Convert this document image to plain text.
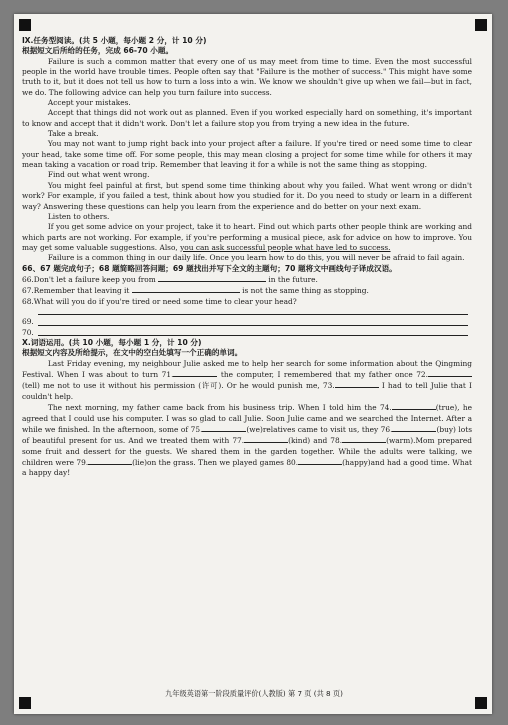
Ⅸ.任务型阅读。(共 5 小题，每小题 2 分，计 10 分)

根据短文后所给的任务，完成 66-70 小题。

Failure is such a common matter that every one of us may meet from time to time. Even the most successful people in the world have trouble times. People often say that "Failure is the mother of success." This might have some truth to it, but it does not tell us how to turn a loss into a win. We know we shouldn't give up when we fail—but in fact, we do. The following advice can help you turn failure into success.

Accept your mistakes.

Accept that things did not work out as planned. Even if you worked especially hard on something, it's important to know and accept that it didn't work. Don't let a failure stop you from trying a new idea in the future.

Take a break.

You may not want to jump right back into your project after a failure. If you're tired or need some time to clear your head, take some time off. For some people, this may mean closing a project for some time while for others it may mean taking a vacation or road trip. Remember that leaving it for a while is not the same thing as stopping.

Find out what went wrong.

You might feel painful at first, but spend some time thinking about why you failed. What went wrong or didn't work? For example, if you failed a test, think about how you studied for it. Do you need to study or learn in a different way? Answering these questions can help you learn from the experience and do better on your next exam.

Listen to others.

If you get some advice on your project, take it to heart. Find out which parts other people think are working and which parts are not working. For example, if you're performing a musical piece, ask for advice on how to improve. You may get some valuable suggestions. Also, you can ask successful people what have led to success.

Failure is a common thing in our daily life. Once you learn how to do this, you will never be afraid to fail again.

66、67 题完成句子；68 题简略回答问题；69 题找出并写下全文的主题句；70 题将文中画线句子译成汉语。

66.Don't let a failure keep you from	in the future.

67.Remember that leaving it	is not the same thing as stopping.

68.What will you do if you're tired or need some time to clear your head?

69.
70.

Ⅹ.词语运用。(共 10 小题，每小题 1 分，计 10 分)

根据短文内容及所给提示，在文中的空白处填写一个正确的单词。

Last Friday evening, my neighbour Julie asked me to help her search for some information about the Qingming Festival. When I was about to turn 71.	the computer, I remembered that my father once 72. (tell) me not to use it without his permission (许可). Or he would punish me, 73.	I had to tell Julie that I couldn't help.

The next morning, my father came back from his business trip. When I told him the 74.	(true), he agreed that I could use his computer. I was so glad to call Julie. Soon Julie came and we searched the Internet. After a while we finished. In the afternoon, some of 75.	(we)relatives came to visit us, they 76.	(buy) lots of beautiful present for us. And we treated them with 77.	(kind) and 78.	(warm).Mom prepared some fruit and dessert for the guests. We shared them in the garden together. While the adults were talking, we children were 79.	(lie)on the grass. Then we played games 80.	(happy)and had a good time. What a happy day!

九年级英语第一阶段质量评价(人教版) 第 7 页 (共 8 页)
